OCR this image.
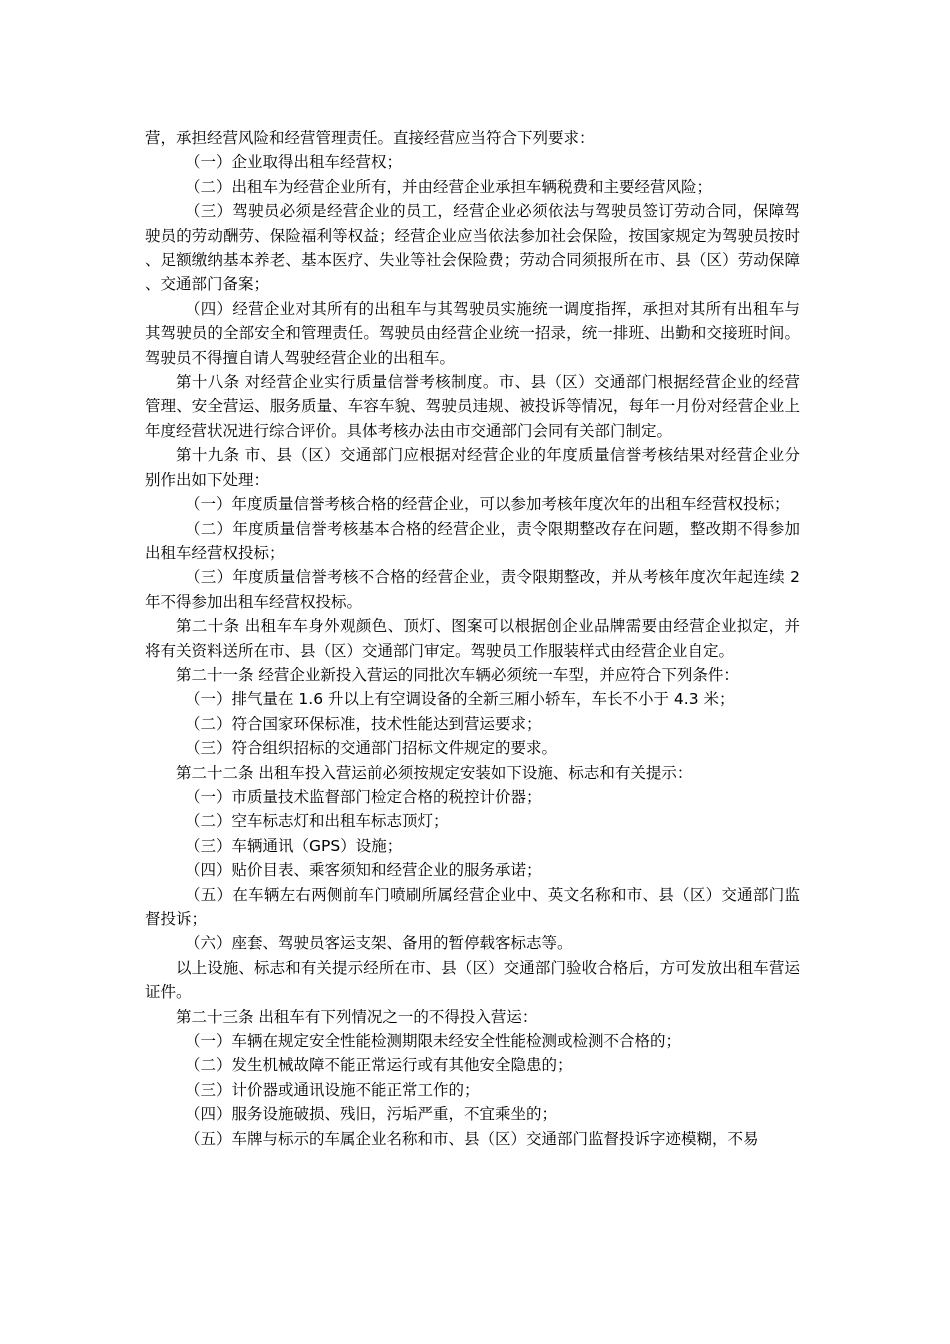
营，承担经营风险和经营管理责任。直接经营应当符合下列要求：

（一）企业取得出租车经营权；

（二）出租车为经营企业所有，并由经营企业承担车辆税费和主要经营风险；

（三）驾驶员必须是经营企业的员工，经营企业必须依法与驾驶员签订劳动合同，保障驾驶员的劳动酬劳、保险福利等权益；经营企业应当依法参加社会保险，按国家规定为驾驶员按时、足额缴纳基本养老、基本医疗、失业等社会保险费；劳动合同须报所在市、县（区）劳动保障、交通部门备案；

（四）经营企业对其所有的出租车与其驾驶员实施统一调度指挥，承担对其所有出租车与其驾驶员的全部安全和管理责任。驾驶员由经营企业统一招录，统一排班、出勤和交接班时间。驾驶员不得擅自请人驾驶经营企业的出租车。

第十八条 对经营企业实行质量信誉考核制度。市、县（区）交通部门根据经营企业的经营管理、安全营运、服务质量、车容车貌、驾驶员违规、被投诉等情况，每年一月份对经营企业上年度经营状况进行综合评价。具体考核办法由市交通部门会同有关部门制定。

第十九条 市、县（区）交通部门应根据对经营企业的年度质量信誉考核结果对经营企业分别作出如下处理：

（一）年度质量信誉考核合格的经营企业，可以参加考核年度次年的出租车经营权投标；

（二）年度质量信誉考核基本合格的经营企业，责令限期整改存在问题，整改期不得参加出租车经营权投标；

（三）年度质量信誉考核不合格的经营企业，责令限期整改，并从考核年度次年起连续 2 年不得参加出租车经营权投标。

第二十条 出租车车身外观颜色、顶灯、图案可以根据创企业品牌需要由经营企业拟定，并将有关资料送所在市、县（区）交通部门审定。驾驶员工作服装样式由经营企业自定。

第二十一条 经营企业新投入营运的同批次车辆必须统一车型，并应符合下列条件：

（一）排气量在 1.6 升以上有空调设备的全新三厢小轿车，车长不小于 4.3 米；

（二）符合国家环保标准，技术性能达到营运要求；

（三）符合组织招标的交通部门招标文件规定的要求。

第二十二条 出租车投入营运前必须按规定安装如下设施、标志和有关提示：

（一）市质量技术监督部门检定合格的税控计价器；

（二）空车标志灯和出租车标志顶灯；

（三）车辆通讯（GPS）设施；

（四）贴价目表、乘客须知和经营企业的服务承诺；

（五）在车辆左右两侧前车门喷刷所属经营企业中、英文名称和市、县（区）交通部门监督投诉；

（六）座套、驾驶员客运支架、备用的暂停载客标志等。

以上设施、标志和有关提示经所在市、县（区）交通部门验收合格后，方可发放出租车营运证件。

第二十三条 出租车有下列情况之一的不得投入营运：

（一）车辆在规定安全性能检测期限未经安全性能检测或检测不合格的；

（二）发生机械故障不能正常运行或有其他安全隐患的；

（三）计价器或通讯设施不能正常工作的；

（四）服务设施破损、残旧，污垢严重，不宜乘坐的；

（五）车牌与标示的车属企业名称和市、县（区）交通部门监督投诉字迹模糊，不易
